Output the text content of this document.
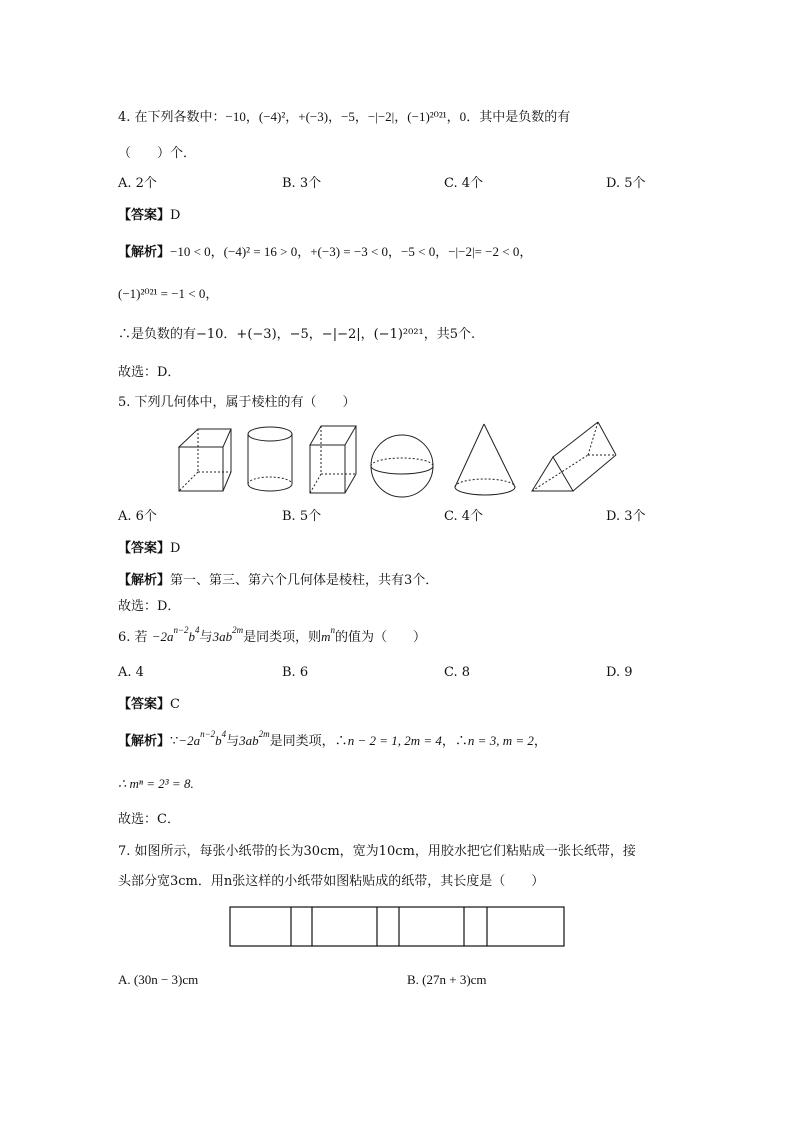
4. 在下列各数中：−10，(−4)²，+(−3)，−5，−|−2|，(−1)²⁰²¹，0．其中是负数的有
（　　）个．
A. 2个	B. 3个	C. 4个	D. 5个
【答案】D
【解析】−10 < 0，(−4)² = 16 > 0，+(−3) = −3 < 0，−5 < 0，−|−2|= −2 < 0，
(−1)²⁰²¹ = −1 < 0，
∴是负数的有−10．+(−3)，−5，−|−2|，(−1)²⁰²¹，共5个.
故选：D．
5. 下列几何体中，属于棱柱的有（　　）
A. 6个	B. 5个	C. 4个	D. 3个
【答案】D
【解析】第一、第三、第六个几何体是棱柱，共有3个．
故选：D．
6. 若 $-2a^{n-2}b^4$与$3ab^{2m}$是同类项，则$m^n$的值为（　　）
A. 4	B. 6	C. 8	D. 9
【答案】C
【解析】$\because-2a^{n-2}b^4$与$3ab^{2m}$是同类项，∴n − 2 = 1, 2m = 4，∴n = 3, m = 2，
∴ mⁿ = 2³ = 8.
故选：C．
7. 如图所示，每张小纸带的长为30cm，宽为10cm，用胶水把它们粘贴成一张长纸带，接
头部分宽3cm．用n张这样的小纸带如图粘贴成的纸带，其长度是（　　）
A. (30n − 3)cm	B. (27n + 3)cm
